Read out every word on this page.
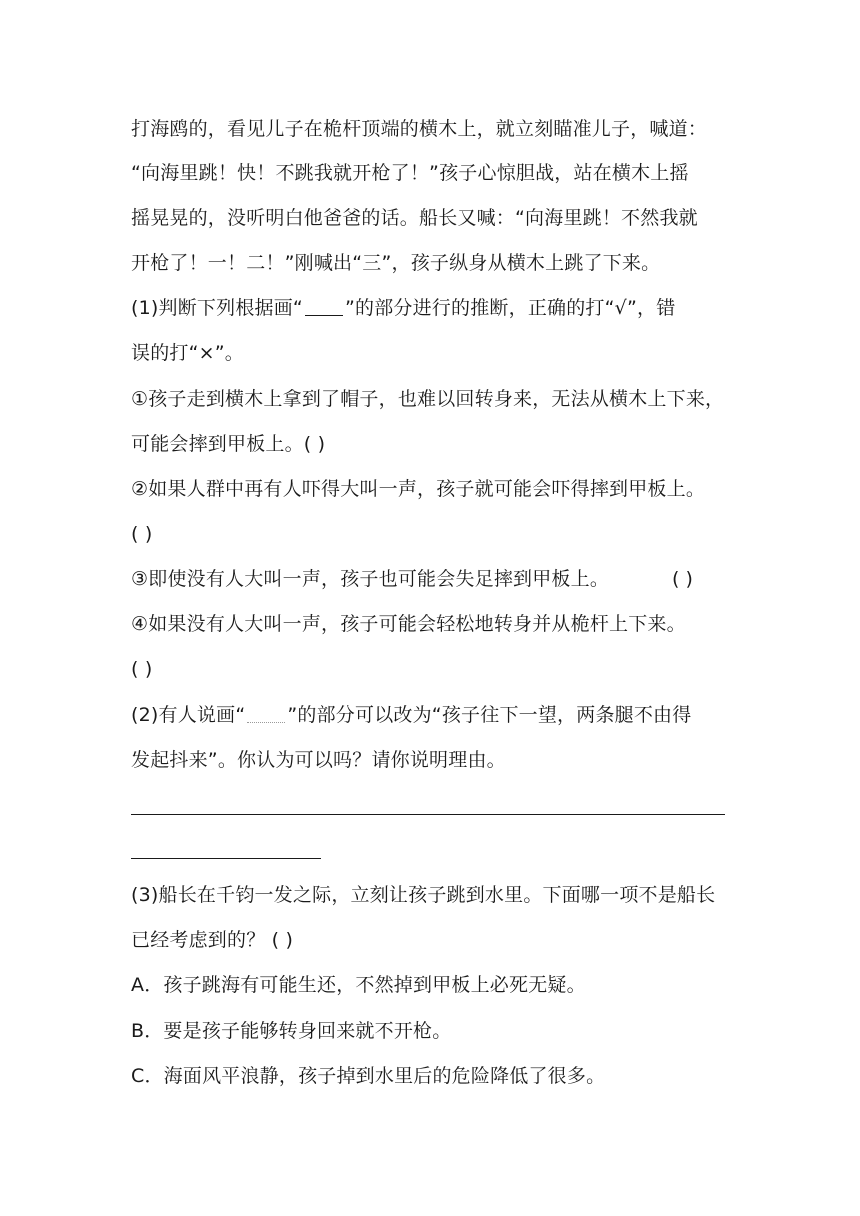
打海鸥的，看见儿子在桅杆顶端的横木上，就立刻瞄准儿子，喊道：
“向海里跳！快！不跳我就开枪了！”孩子心惊胆战，站在横木上摇
摇晃晃的，没听明白他爸爸的话。船长又喊：“向海里跳！不然我就
开枪了！一！二！”刚喊出“三”，孩子纵身从横木上跳了下来。
(1)判断下列根据画“ ”的部分进行的推断，正确的打“√”，错
误的打“×”。
①孩子走到横木上拿到了帽子，也难以回转身来，无法从横木上下来，
可能会摔到甲板上。( )
②如果人群中再有人吓得大叫一声，孩子就可能会吓得摔到甲板上。
( )
③即使没有人大叫一声，孩子也可能会失足摔到甲板上。	( )
④如果没有人大叫一声，孩子可能会轻松地转身并从桅杆上下来。
( )
(2)有人说画“ ”的部分可以改为“孩子往下一望，两条腿不由得
发起抖来”。你认为可以吗？请你说明理由。
(3)船长在千钧一发之际，立刻让孩子跳到水里。下面哪一项不是船长
已经考虑到的？ ( )
A．孩子跳海有可能生还，不然掉到甲板上必死无疑。
B．要是孩子能够转身回来就不开枪。
C．海面风平浪静，孩子掉到水里后的危险降低了很多。
